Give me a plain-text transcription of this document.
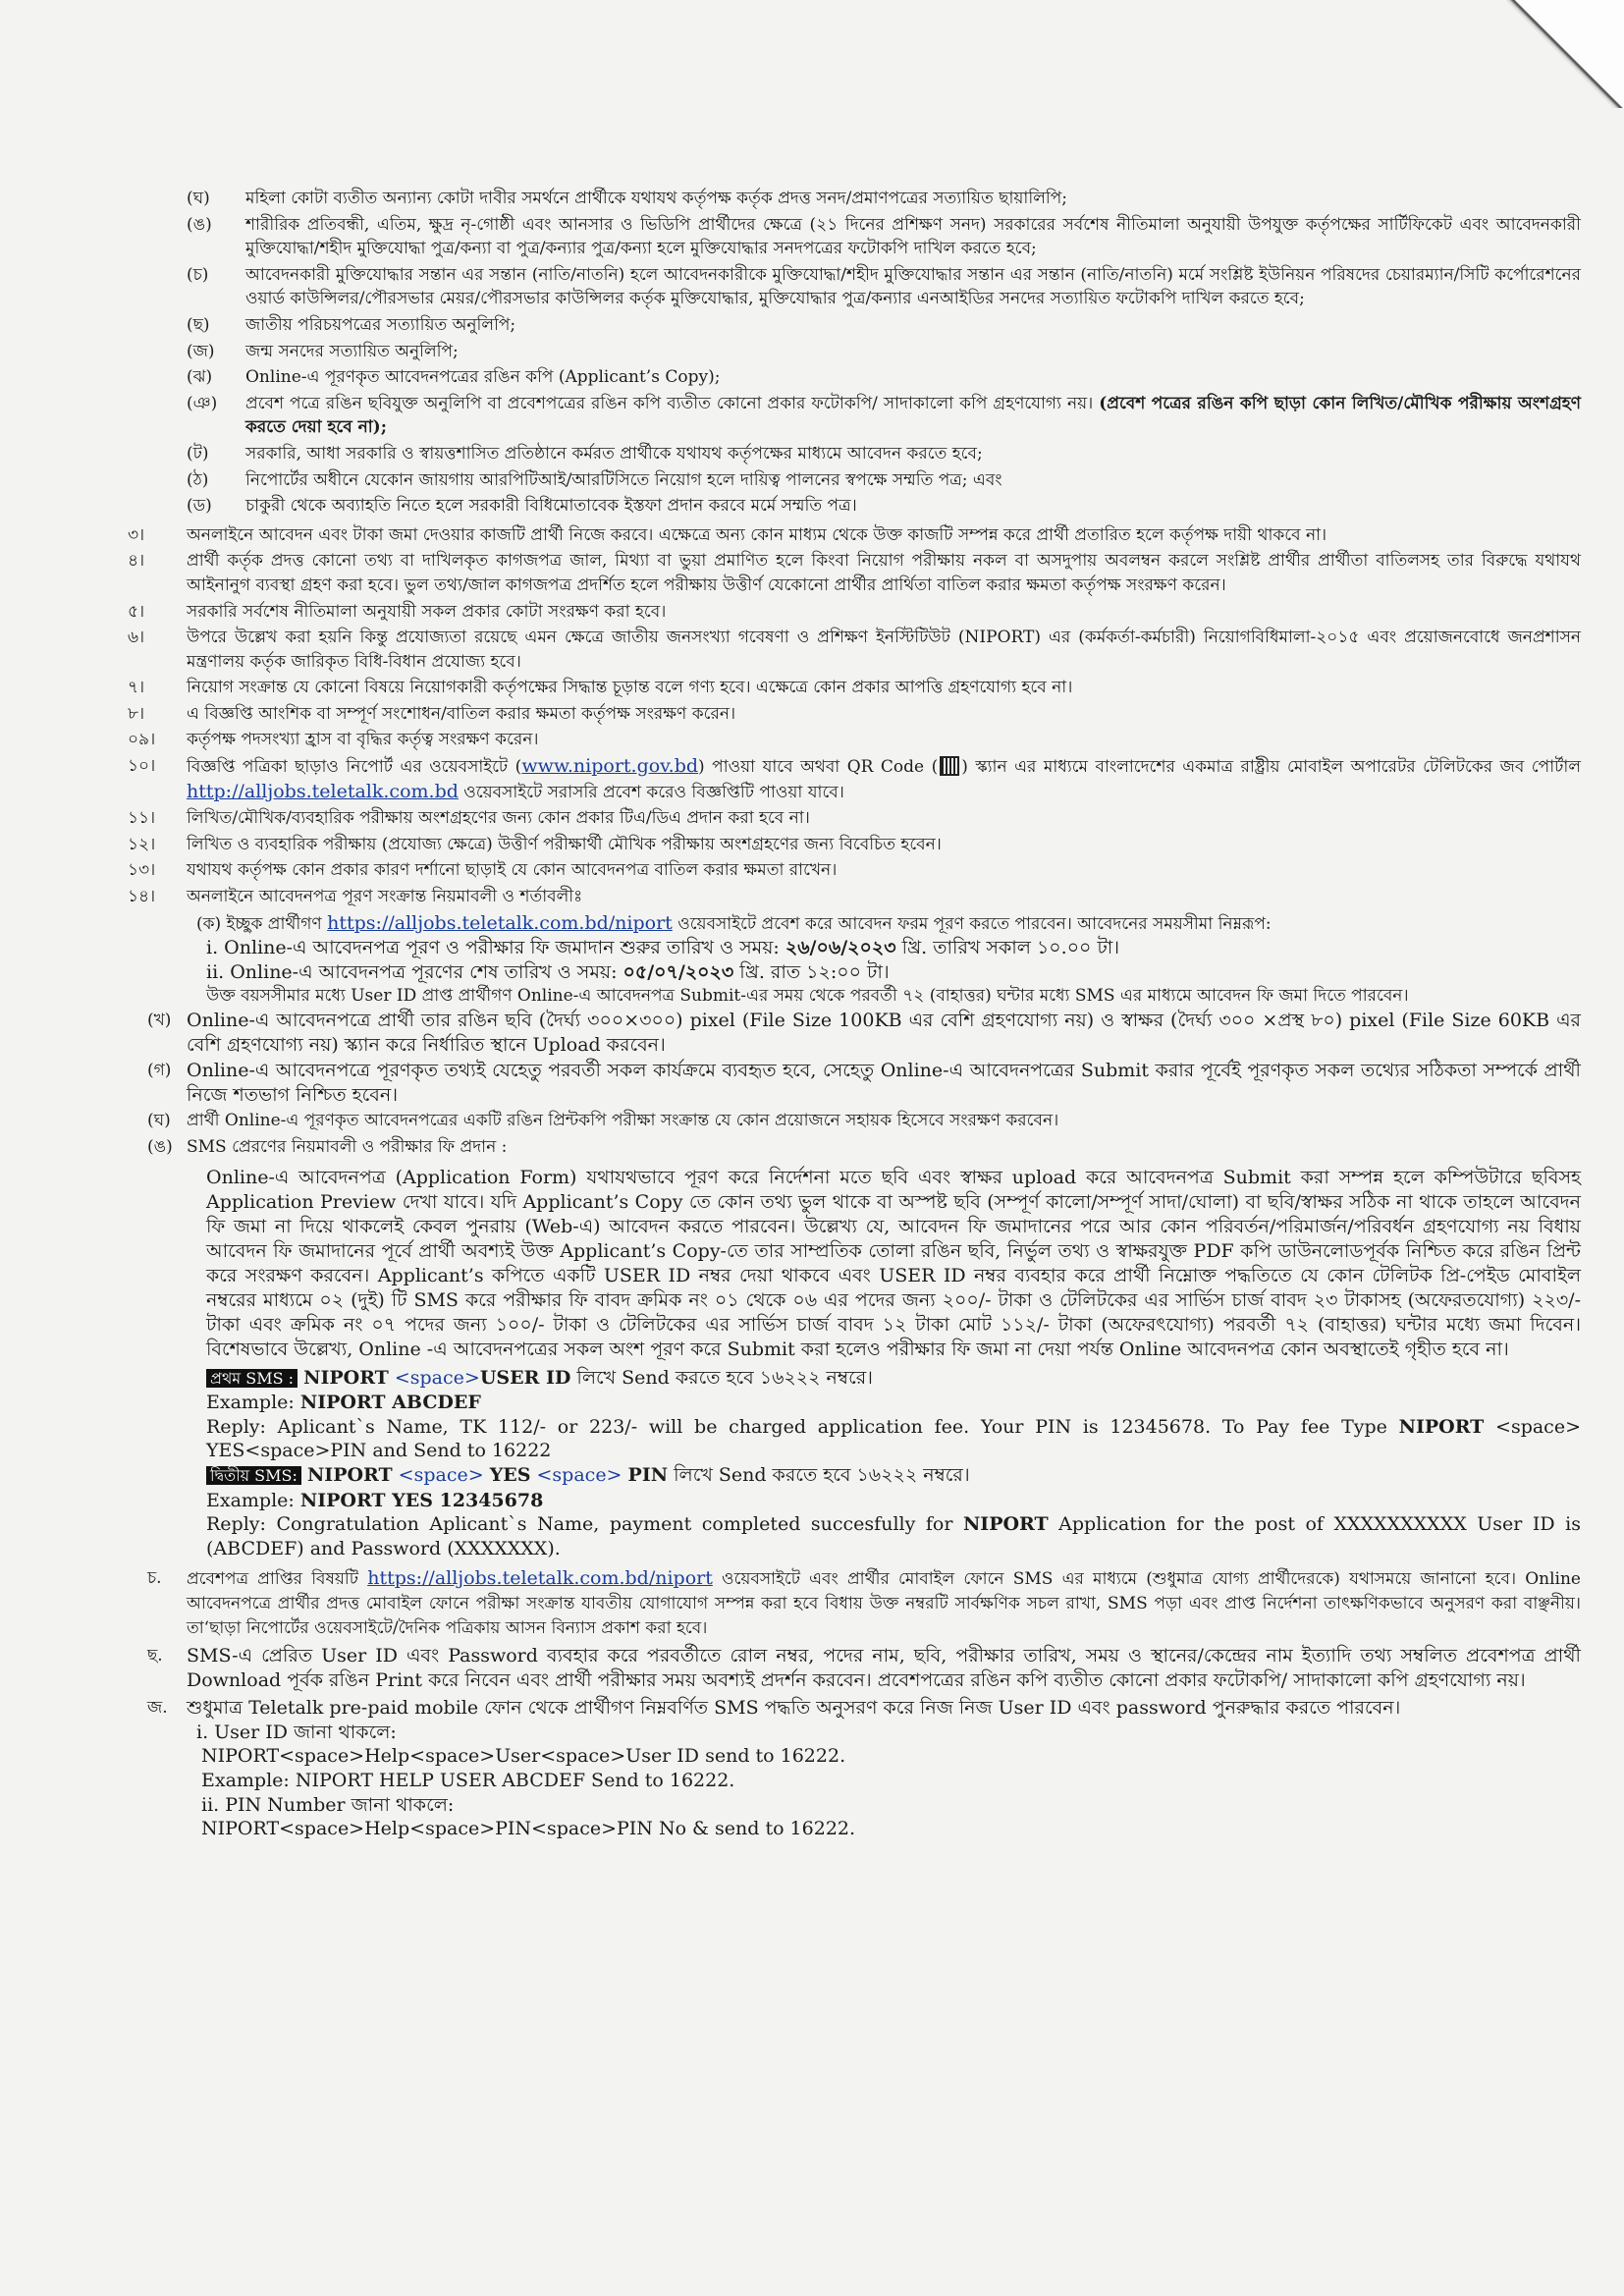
(ঘ) মহিলা কোটা ব্যতীত অন্যান্য কোটা দাবীর সমর্থনে প্রার্থীকে যথাযথ কর্তৃপক্ষ কর্তৃক প্রদত্ত সনদ/প্রমাণপত্রের সত্যায়িত ছায়ালিপি;

(ঙ) শারীরিক প্রতিবন্ধী, এতিম, ক্ষুদ্র নৃ-গোষ্ঠী এবং আনসার ও ভিডিপি প্রার্থীদের ক্ষেত্রে (২১ দিনের প্রশিক্ষণ সনদ) সরকারের সর্বশেষ নীতিমালা অনুযায়ী উপযুক্ত কর্তৃপক্ষের সার্টিফিকেট এবং আবেদনকারী মুক্তিযোদ্ধা/শহীদ মুক্তিযোদ্ধা পুত্র/কন্যা বা পুত্র/কন্যার পুত্র/কন্যা হলে মুক্তিযোদ্ধার সনদপত্রের ফটোকপি দাখিল করতে হবে;

(চ) আবেদনকারী মুক্তিযোদ্ধার সন্তান এর সন্তান (নাতি/নাতনি) হলে আবেদনকারীকে মুক্তিযোদ্ধা/শহীদ মুক্তিযোদ্ধার সন্তান এর সন্তান (নাতি/নাতনি) মর্মে সংশ্লিষ্ট ইউনিয়ন পরিষদের চেয়ারম্যান/সিটি কর্পোরেশনের ওয়ার্ড কাউন্সিলর/পৌরসভার মেয়র/পৌরসভার কাউন্সিলর কর্তৃক মুক্তিযোদ্ধার, মুক্তিযোদ্ধার পুত্র/কন্যার এনআইডির সনদের সত্যায়িত ফটোকপি দাখিল করতে হবে;

(ছ) জাতীয় পরিচয়পত্রের সত্যায়িত অনুলিপি;

(জ) জন্ম সনদের সত্যায়িত অনুলিপি;

(ঝ) Online-এ পূরণকৃত আবেদনপত্রের রঙিন কপি (Applicant’s Copy);

(ঞ) প্রবেশ পত্রে রঙিন ছবিযুক্ত অনুলিপি বা প্রবেশপত্রের রঙিন কপি ব্যতীত কোনো প্রকার ফটোকপি/ সাদাকালো কপি গ্রহণযোগ্য নয়। (প্রবেশ পত্রের রঙিন কপি ছাড়া কোন লিখিত/মৌখিক পরীক্ষায় অংশগ্রহণ করতে দেয়া হবে না);

(ট) সরকারি, আধা সরকারি ও স্বায়ত্তশাসিত প্রতিষ্ঠানে কর্মরত প্রার্থীকে যথাযথ কর্তৃপক্ষের মাধ্যমে আবেদন করতে হবে;

(ঠ) নিপোর্টের অধীনে যেকোন জায়গায় আরপিটিআই/আরটিসিতে নিয়োগ হলে দায়িত্ব পালনের স্বপক্ষে সম্মতি পত্র; এবং

(ড) চাকুরী থেকে অব্যাহতি নিতে হলে সরকারী বিধিমোতাবেক ইস্তফা প্রদান করবে মর্মে সম্মতি পত্র।

৩।	অনলাইনে আবেদন এবং টাকা জমা দেওয়ার কাজটি প্রার্থী নিজে করবে। এক্ষেত্রে অন্য কোন মাধ্যম থেকে উক্ত কাজটি সম্পন্ন করে প্রার্থী প্রতারিত হলে কর্তৃপক্ষ দায়ী থাকবে না।

৪।	প্রার্থী কর্তৃক প্রদত্ত কোনো তথ্য বা দাখিলকৃত কাগজপত্র জাল, মিথ্যা বা ভুয়া প্রমাণিত হলে কিংবা নিয়োগ পরীক্ষায় নকল বা অসদুপায় অবলম্বন করলে সংশ্লিষ্ট প্রার্থীর প্রার্থীতা বাতিলসহ তার বিরুদ্ধে যথাযথ আইনানুগ ব্যবস্থা গ্রহণ করা হবে। ভুল তথ্য/জাল কাগজপত্র প্রদর্শিত হলে পরীক্ষায় উত্তীর্ণ যেকোনো প্রার্থীর প্রার্থিতা বাতিল করার ক্ষমতা কর্তৃপক্ষ সংরক্ষণ করেন।

৫।	সরকারি সর্বশেষ নীতিমালা অনুযায়ী সকল প্রকার কোটা সংরক্ষণ করা হবে।

৬।	উপরে উল্লেখ করা হয়নি কিন্তু প্রযোজ্যতা রয়েছে এমন ক্ষেত্রে জাতীয় জনসংখ্যা গবেষণা ও প্রশিক্ষণ ইনস্টিটিউট (NIPORT) এর (কর্মকর্তা-কর্মচারী) নিয়োগবিধিমালা-২০১৫ এবং প্রয়োজনবোধে জনপ্রশাসন মন্ত্রণালয় কর্তৃক জারিকৃত বিধি-বিধান প্রযোজ্য হবে।

৭।	নিয়োগ সংক্রান্ত যে কোনো বিষয়ে নিয়োগকারী কর্তৃপক্ষের সিদ্ধান্ত চূড়ান্ত বলে গণ্য হবে। এক্ষেত্রে কোন প্রকার আপত্তি গ্রহণযোগ্য হবে না।

৮।	এ বিজ্ঞপ্তি আংশিক বা সম্পূর্ণ সংশোধন/বাতিল করার ক্ষমতা কর্তৃপক্ষ সংরক্ষণ করেন।

০৯। কর্তৃপক্ষ পদসংখ্যা হ্রাস বা বৃদ্ধির কর্তৃত্ব সংরক্ষণ করেন।

১০। বিজ্ঞপ্তি পত্রিকা ছাড়াও নিপোর্ট এর ওয়েবসাইটে (www.niport.gov.bd) পাওয়া যাবে অথবা QR Code ( ) স্ক্যান এর মাধ্যমে বাংলাদেশের একমাত্র রাষ্ট্রীয় মোবাইল অপারেটর টেলিটকের জব পোর্টাল http://alljobs.teletalk.com.bd ওয়েবসাইটে সরাসরি প্রবেশ করেও বিজ্ঞপ্তিটি পাওয়া যাবে।

১১। লিখিত/মৌখিক/ব্যবহারিক পরীক্ষায় অংশগ্রহণের জন্য কোন প্রকার টিএ/ডিএ প্রদান করা হবে না।

১২। লিখিত ও ব্যবহারিক পরীক্ষায় (প্রযোজ্য ক্ষেত্রে) উত্তীর্ণ পরীক্ষার্থী মৌখিক পরীক্ষায় অংশগ্রহণের জন্য বিবেচিত হবেন।

১৩। যথাযথ কর্তৃপক্ষ কোন প্রকার কারণ দর্শানো ছাড়াই যে কোন আবেদনপত্র বাতিল করার ক্ষমতা রাখেন।

১৪। অনলাইনে আবেদনপত্র পূরণ সংক্রান্ত নিয়মাবলী ও শর্তাবলীঃ

(ক) ইচ্ছুক প্রার্থীগণ https://alljobs.teletalk.com.bd/niport ওয়েবসাইটে প্রবেশ করে আবেদন ফরম পূরণ করতে পারবেন। আবেদনের সময়সীমা নিম্নরূপ:

i. Online-এ আবেদনপত্র পূরণ ও পরীক্ষার ফি জমাদান শুরুর তারিখ ও সময়: ২৬/০৬/২০২৩ খ্রি. তারিখ সকাল ১০.০০ টা।

ii. Online-এ আবেদনপত্র পূরণের শেষ তারিখ ও সময়: ০৫/০৭/২০২৩ খ্রি. রাত ১২:০০ টা।

উক্ত বয়সসীমার মধ্যে User ID প্রাপ্ত প্রার্থীগণ Online-এ আবেদনপত্র Submit-এর সময় থেকে পরবর্তী ৭২ (বাহাত্তর) ঘন্টার মধ্যে SMS এর মাধ্যমে আবেদন ফি জমা দিতে পারবেন।

(খ) Online-এ আবেদনপত্রে প্রার্থী তার রঙিন ছবি (দৈর্ঘ্য ৩০০×৩০০) pixel (File Size 100KB এর বেশি গ্রহণযোগ্য নয়) ও স্বাক্ষর (দৈর্ঘ্য ৩০০ ×প্রস্থ ৮০) pixel (File Size 60KB এর বেশি গ্রহণযোগ্য নয়) স্ক্যান করে নির্ধারিত স্থানে Upload করবেন।

(গ) Online-এ আবেদনপত্রে পূরণকৃত তথ্যই যেহেতু পরবর্তী সকল কার্যক্রমে ব্যবহৃত হবে, সেহেতু Online-এ আবেদনপত্রের Submit করার পূর্বেই পূরণকৃত সকল তথ্যের সঠিকতা সম্পর্কে প্রার্থী নিজে শতভাগ নিশ্চিত হবেন।

(ঘ) প্রার্থী Online-এ পূরণকৃত আবেদনপত্রের একটি রঙিন প্রিন্টকপি পরীক্ষা সংক্রান্ত যে কোন প্রয়োজনে সহায়ক হিসেবে সংরক্ষণ করবেন।

(ঙ) SMS প্রেরণের নিয়মাবলী ও পরীক্ষার ফি প্রদান :

Online-এ আবেদনপত্র (Application Form) যথাযথভাবে পূরণ করে নির্দেশনা মতে ছবি এবং স্বাক্ষর upload করে আবেদনপত্র Submit করা সম্পন্ন হলে কম্পিউটারে ছবিসহ Application Preview দেখা যাবে। যদি Applicant’s Copy তে কোন তথ্য ভুল থাকে বা অস্পষ্ট ছবি (সম্পূর্ণ কালো/সম্পূর্ণ সাদা/ঘোলা) বা ছবি/স্বাক্ষর সঠিক না থাকে তাহলে আবেদন ফি জমা না দিয়ে থাকলেই কেবল পুনরায় (Web-এ) আবেদন করতে পারবেন। উল্লেখ্য যে, আবেদন ফি জমাদানের পরে আর কোন পরিবর্তন/পরিমার্জন/পরিবর্ধন গ্রহণযোগ্য নয় বিধায় আবেদন ফি জমাদানের পূর্বে প্রার্থী অবশ্যই উক্ত Applicant’s Copy-তে তার সাম্প্রতিক তোলা রঙিন ছবি, নির্ভুল তথ্য ও স্বাক্ষরযুক্ত PDF কপি ডাউনলোডপূর্বক নিশ্চিত করে রঙিন প্রিন্ট করে সংরক্ষণ করবেন। Applicant’s কপিতে একটি USER ID নম্বর দেয়া থাকবে এবং USER ID নম্বর ব্যবহার করে প্রার্থী নিম্নোক্ত পদ্ধতিতে যে কোন টেলিটক প্রি-পেইড মোবাইল নম্বরের মাধ্যমে ০২ (দুই) টি SMS করে পরীক্ষার ফি বাবদ ক্রমিক নং ০১ থেকে ০৬ এর পদের জন্য ২০০/- টাকা ও টেলিটকের এর সার্ভিস চার্জ বাবদ ২৩ টাকাসহ (অফেরতযোগ্য) ২২৩/- টাকা এবং ক্রমিক নং ০৭ পদের জন্য ১০০/- টাকা ও টেলিটকের এর সার্ভিস চার্জ বাবদ ১২ টাকা মোট ১১২/- টাকা (অফেরৎযোগ্য) পরবর্তী ৭২ (বাহাত্তর) ঘন্টার মধ্যে জমা দিবেন। বিশেষভাবে উল্লেখ্য, Online -এ আবেদনপত্রের সকল অংশ পূরণ করে Submit করা হলেও পরীক্ষার ফি জমা না দেয়া পর্যন্ত Online আবেদনপত্র কোন অবস্থাতেই গৃহীত হবে না।

প্রথম SMS : NIPORT <space>USER ID লিখে Send করতে হবে ১৬২২২ নম্বরে।

Example: NIPORT ABCDEF

Reply: Aplicant`s Name, TK 112/- or 223/- will be charged application fee. Your PIN is 12345678. To Pay fee Type NIPORT <space> YES<space>PIN and Send to 16222

দ্বিতীয় SMS: NIPORT <space> YES <space> PIN লিখে Send করতে হবে ১৬২২২ নম্বরে।

Example: NIPORT YES 12345678

Reply: Congratulation Aplicant`s Name, payment completed succesfully for NIPORT Application for the post of XXXXXXXXXX User ID is (ABCDEF) and Password (XXXXXXX).

চ. প্রবেশপত্র প্রাপ্তির বিষয়টি https://alljobs.teletalk.com.bd/niport ওয়েবসাইটে এবং প্রার্থীর মোবাইল ফোনে SMS এর মাধ্যমে (শুধুমাত্র যোগ্য প্রার্থীদেরকে) যথাসময়ে জানানো হবে। Online আবেদনপত্রে প্রার্থীর প্রদত্ত মোবাইল ফোনে পরীক্ষা সংক্রান্ত যাবতীয় যোগাযোগ সম্পন্ন করা হবে বিধায় উক্ত নম্বরটি সার্বক্ষণিক সচল রাখা, SMS পড়া এবং প্রাপ্ত নির্দেশনা তাৎক্ষণিকভাবে অনুসরণ করা বাঞ্ছনীয়। তা‘ছাড়া নিপোর্টের ওয়েবসাইটে/দৈনিক পত্রিকায় আসন বিন্যাস প্রকাশ করা হবে।

ছ. SMS-এ প্রেরিত User ID এবং Password ব্যবহার করে পরবর্তীতে রোল নম্বর, পদের নাম, ছবি, পরীক্ষার তারিখ, সময় ও স্থানের/কেন্দ্রের নাম ইত্যাদি তথ্য সম্বলিত প্রবেশপত্র প্রার্থী Download পূর্বক রঙিন Print করে নিবেন এবং প্রার্থী পরীক্ষার সময় অবশ্যই প্রদর্শন করবেন। প্রবেশপত্রের রঙিন কপি ব্যতীত কোনো প্রকার ফটোকপি/ সাদাকালো কপি গ্রহণযোগ্য নয়।

জ. শুধুমাত্র Teletalk pre-paid mobile ফোন থেকে প্রার্থীগণ নিম্নবর্ণিত SMS পদ্ধতি অনুসরণ করে নিজ নিজ User ID এবং password পুনরুদ্ধার করতে পারবেন।

i. User ID জানা থাকলে:

NIPORT<space>Help<space>User<space>User ID send to 16222.

Example: NIPORT HELP USER ABCDEF Send to 16222.

ii. PIN Number জানা থাকলে:

NIPORT<space>Help<space>PIN<space>PIN No & send to 16222.
